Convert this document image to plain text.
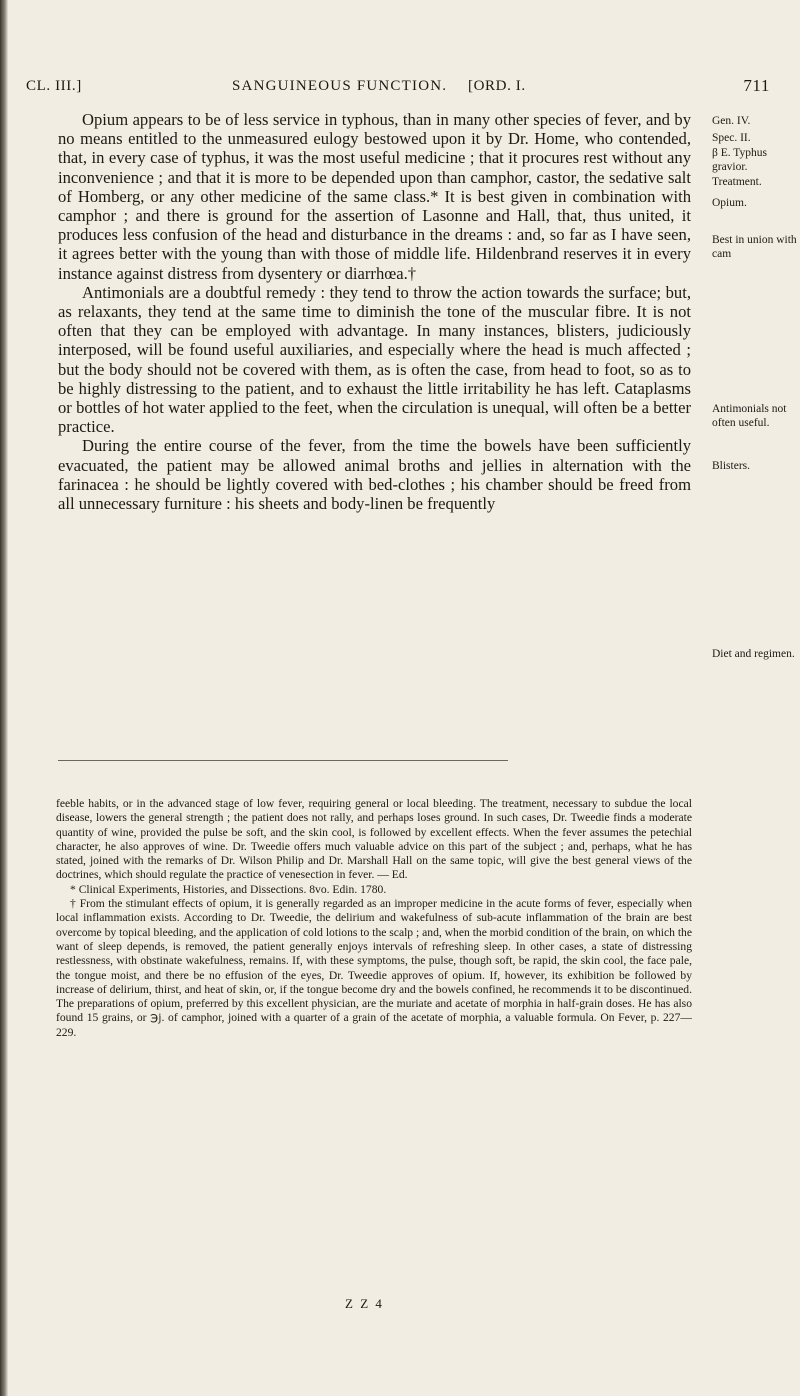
CL. III.]	SANGUINEOUS FUNCTION. [ORD. I.	711

Opium appears to be of less service in typhous, than in many other species of fever, and by no means entitled to the unmeasured eulogy bestowed upon it by Dr. Home, who contended, that, in every case of typhus, it was the most useful medicine ; that it procures rest without any inconvenience ; and that it is more to be depended upon than camphor, castor, the sedative salt of Homberg, or any other medicine of the same class.* It is best given in combination with camphor ; and there is ground for the assertion of Lasonne and Hall, that, thus united, it produces less confusion of the head and disturbance in the dreams : and, so far as I have seen, it agrees better with the young than with those of middle life. Hildenbrand reserves it in every instance against distress from dysentery or diarrhœa.†

Antimonials are a doubtful remedy : they tend to throw the action towards the surface; but, as relaxants, they tend at the same time to diminish the tone of the muscular fibre. It is not often that they can be employed with advantage. In many instances, blisters, judiciously interposed, will be found useful auxiliaries, and especially where the head is much affected ; but the body should not be covered with them, as is often the case, from head to foot, so as to be highly distressing to the patient, and to exhaust the little irritability he has left. Cataplasms or bottles of hot water applied to the feet, when the circulation is unequal, will often be a better practice.

During the entire course of the fever, from the time the bowels have been sufficiently evacuated, the patient may be allowed animal broths and jellies in alternation with the farinacea : he should be lightly covered with bed-clothes ; his chamber should be freed from all unnecessary furniture : his sheets and body-linen be frequently

Gen. IV.
Spec. II.
β E. Typhus gravior.
Treatment.
Opium.
Best in union with cam
Antimonials not often useful.
Blisters.
Diet and regimen.

feeble habits, or in the advanced stage of low fever, requiring general or local bleeding. The treatment, necessary to subdue the local disease, lowers the general strength ; the patient does not rally, and perhaps loses ground. In such cases, Dr. Tweedie finds a moderate quantity of wine, provided the pulse be soft, and the skin cool, is followed by excellent effects. When the fever assumes the petechial character, he also approves of wine. Dr. Tweedie offers much valuable advice on this part of the subject ; and, perhaps, what he has stated, joined with the remarks of Dr. Wilson Philip and Dr. Marshall Hall on the same topic, will give the best general views of the doctrines, which should regulate the practice of venesection in fever. — Ed.

* Clinical Experiments, Histories, and Dissections. 8vo. Edin. 1780.

† From the stimulant effects of opium, it is generally regarded as an improper medicine in the acute forms of fever, especially when local inflammation exists. According to Dr. Tweedie, the delirium and wakefulness of sub-acute inflammation of the brain are best overcome by topical bleeding, and the application of cold lotions to the scalp ; and, when the morbid condition of the brain, on which the want of sleep depends, is removed, the patient generally enjoys intervals of refreshing sleep. In other cases, a state of distressing restlessness, with obstinate wakefulness, remains. If, with these symptoms, the pulse, though soft, be rapid, the skin cool, the face pale, the tongue moist, and there be no effusion of the eyes, Dr. Tweedie approves of opium. If, however, its exhibition be followed by increase of delirium, thirst, and heat of skin, or, if the tongue become dry and the bowels confined, he recommends it to be discontinued. The preparations of opium, preferred by this excellent physician, are the muriate and acetate of morphia in half-grain doses. He has also found 15 grains, or ℈j. of camphor, joined with a quarter of a grain of the acetate of morphia, a valuable formula. On Fever, p. 227—229.

Z Z 4
